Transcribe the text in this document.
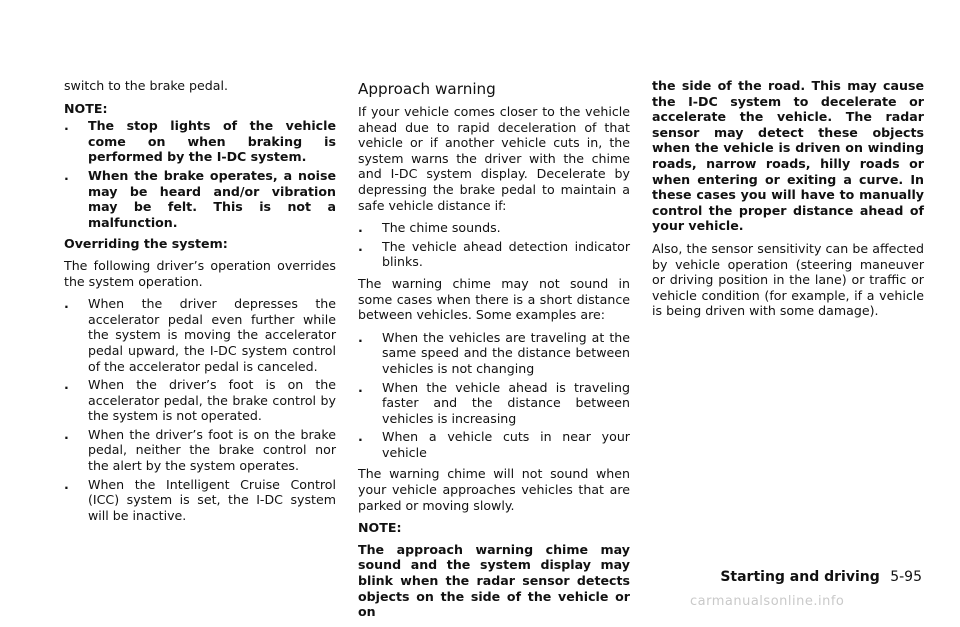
switch to the brake pedal.

NOTE:
. The stop lights of the vehicle come on when braking is performed by the I-DC system.
. When the brake operates, a noise may be heard and/or vibration may be felt. This is not a malfunction.
Overriding the system:

The following driver’s operation overrides the system operation.

. When the driver depresses the accelerator pedal even further while the system is moving the accelerator pedal upward, the I-DC system control of the accelerator pedal is canceled.
. When the driver’s foot is on the accelerator pedal, the brake control by the system is not operated.
. When the driver’s foot is on the brake pedal, neither the brake control nor the alert by the system operates.
. When the Intelligent Cruise Control (ICC) system is set, the I-DC system will be inactive.
Approach warning

If your vehicle comes closer to the vehicle ahead due to rapid deceleration of that vehicle or if another vehicle cuts in, the system warns the driver with the chime and I-DC system display. Decelerate by depressing the brake pedal to maintain a safe vehicle distance if:

. The chime sounds.
. The vehicle ahead detection indicator blinks.

The warning chime may not sound in some cases when there is a short distance between vehicles. Some examples are:

. When the vehicles are traveling at the same speed and the distance between vehicles is not changing
. When the vehicle ahead is traveling faster and the distance between vehicles is increasing
. When a vehicle cuts in near your vehicle

The warning chime will not sound when your vehicle approaches vehicles that are parked or moving slowly.

NOTE:

The approach warning chime may sound and the system display may blink when the radar sensor detects objects on the side of the vehicle or on

the side of the road. This may cause the I-DC system to decelerate or accelerate the vehicle. The radar sensor may detect these objects when the vehicle is driven on winding roads, narrow roads, hilly roads or when entering or exiting a curve. In these cases you will have to manually control the proper distance ahead of your vehicle.

Also, the sensor sensitivity can be affected by vehicle operation (steering maneuver or driving position in the lane) or traffic or vehicle condition (for example, if a vehicle is being driven with some damage).

Starting and driving 5-95
carmanualsonline.info
